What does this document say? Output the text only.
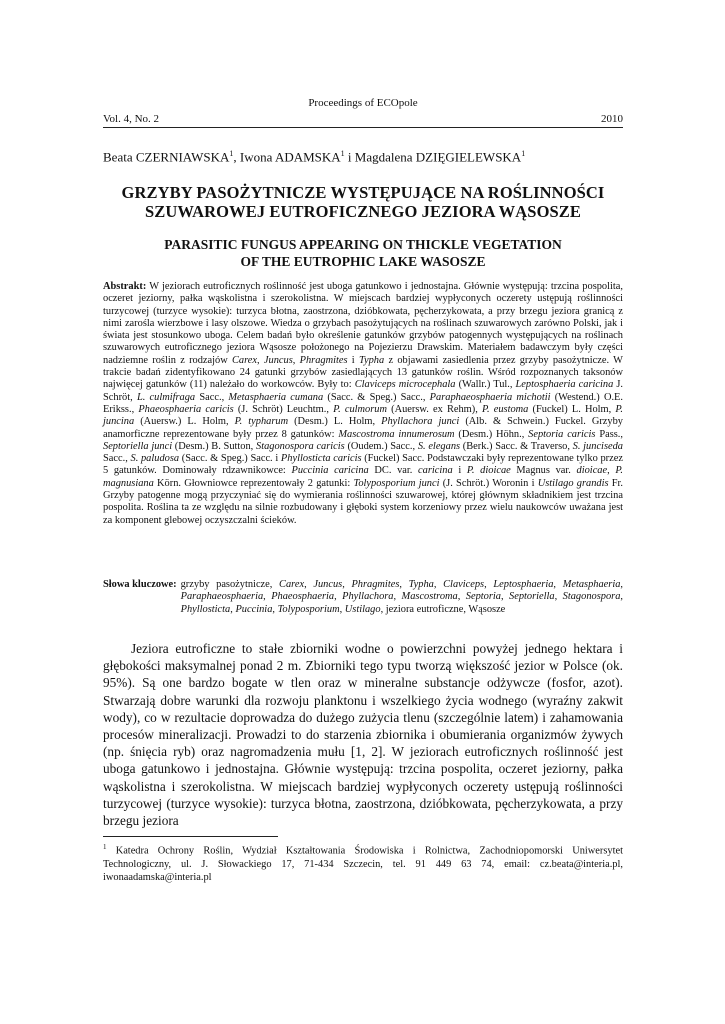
Proceedings of ECOpole
Vol. 4, No. 2	2010
Beata CZERNIAWSKA$^1$, Iwona ADAMSKA$^1$ i Magdalena DZIĘGIELEWSKA$^1$
GRZYBY PASOŻYTNICZE WYSTĘPUJĄCE NA ROŚLINNOŚCI
SZUWAROWEJ EUTROFICZNEGO JEZIORA WĄSOSZE
PARASITIC FUNGUS APPEARING ON THICKLE VEGETATION
OF THE EUTROPHIC LAKE WASOSZE
Abstrakt: W jeziorach eutroficznych roślinność jest uboga gatunkowo i jednostajna. Głównie występują: trzcina pospolita, oczeret jeziorny, pałka wąskolistna i szerokolistna. W miejscach bardziej wypłyconych oczerety ustępują roślinności turzycowej (turzyce wysokie): turzyca błotna, zaostrzona, dzióbkowata, pęcherzykowata, a przy brzegu jeziora granicą z nimi zarośla wierzbowe i lasy olszowe. Wiedza o grzybach pasożytujących na roślinach szuwarowych zarówno Polski, jak i świata jest stosunkowo uboga. Celem badań było określenie gatunków grzybów patogennych występujących na roślinach szuwarowych eutroficznego jeziora Wąsosze położonego na Pojezierzu Drawskim. Materiałem badawczym były części nadziemne roślin z rodzajów Carex, Juncus, Phragmites i Typha z objawami zasiedlenia przez grzyby pasożytnicze. W trakcie badań zidentyfikowano 24 gatunki grzybów zasiedlających 13 gatunków roślin. Wśród rozpoznanych taksonów najwięcej gatunków (11) należało do workowców. Były to: Claviceps microcephala (Wallr.) Tul., Leptosphaeria caricina J. Schröt, L. culmifraga Sacc., Metasphaeria cumana (Sacc. & Speg.) Sacc., Paraphaeosphaeria michotii (Westend.) O.E. Erikss., Phaeosphaeria caricis (J. Schröt) Leuchtm., P. culmorum (Auersw. ex Rehm), P. eustoma (Fuckel) L. Holm, P. juncina (Auersw.) L. Holm, P. typharum (Desm.) L. Holm, Phyllachora junci (Alb. & Schwein.) Fuckel. Grzyby anamorficzne reprezentowane były przez 8 gatunków: Mascostroma innumerosum (Desm.) Höhn., Septoria caricis Pass., Septoriella junci (Desm.) B. Sutton, Stagonospora caricis (Oudem.) Sacc., S. elegans (Berk.) Sacc. & Traverso, S. junciseda Sacc., S. paludosa (Sacc. & Speg.) Sacc. i Phyllosticta caricis (Fuckel) Sacc. Podstawczaki były reprezentowane tylko przez 5 gatunków. Dominowały rdzawnikowce: Puccinia caricina DC. var. caricina i P. dioicae Magnus var. dioicae, P. magnusiana Körn. Głowniowce reprezentowały 2 gatunki: Tolyposporium junci (J. Schröt.) Woronin i Ustilago grandis Fr. Grzyby patogenne mogą przyczyniać się do wymierania roślinności szuwarowej, której głównym składnikiem jest trzcina pospolita. Roślina ta ze względu na silnie rozbudowany i głęboki system korzeniowy przez wielu naukowców uważana jest za komponent glebowej oczyszczalni ścieków.
Słowa kluczowe: grzyby pasożytnicze, Carex, Juncus, Phragmites, Typha, Claviceps, Leptosphaeria, Metasphaeria, Paraphaeosphaeria, Phaeosphaeria, Phyllachora, Mascostroma, Septoria, Septoriella, Stagonospora, Phyllosticta, Puccinia, Tolyposporium, Ustilago, jeziora eutroficzne, Wąsosze
Jeziora eutroficzne to stałe zbiorniki wodne o powierzchni powyżej jednego hektara i głębokości maksymalnej ponad 2 m. Zbiorniki tego typu tworzą większość jezior w Polsce (ok. 95%). Są one bardzo bogate w tlen oraz w mineralne substancje odżywcze (fosfor, azot). Stwarzają dobre warunki dla rozwoju planktonu i wszelkiego życia wodnego (wyraźny zakwit wody), co w rezultacie doprowadza do dużego zużycia tlenu (szczególnie latem) i zahamowania procesów mineralizacji. Prowadzi to do starzenia zbiornika i obumierania organizmów żywych (np. śnięcia ryb) oraz nagromadzenia mułu [1, 2]. W jeziorach eutroficznych roślinność jest uboga gatunkowo i jednostajna. Głównie występują: trzcina pospolita, oczeret jeziorny, pałka wąskolistna i szerokolistna. W miejscach bardziej wypłyconych oczerety ustępują roślinności turzycowej (turzyce wysokie): turzyca błotna, zaostrzona, dzióbkowata, pęcherzykowata, a przy brzegu jeziora
$^1$ Katedra Ochrony Roślin, Wydział Kształtowania Środowiska i Rolnictwa, Zachodniopomorski Uniwersytet Technologiczny, ul. J. Słowackiego 17, 71-434 Szczecin, tel. 91 449 63 74, email: cz.beata@interia.pl, iwonaadamska@interia.pl
